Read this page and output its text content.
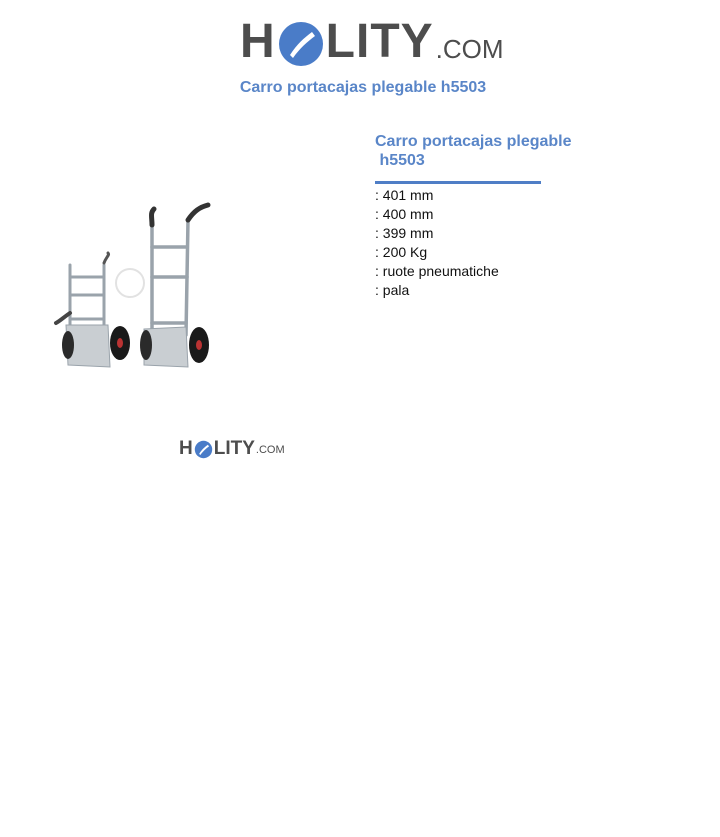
H LITY .COM
Carro portacajas plegable h5503
H LITY .COM
Carro portacajas plegable
h5503
: 401 mm
: 400 mm
: 399 mm
: 200 Kg
: ruote pneumatiche
: pala
